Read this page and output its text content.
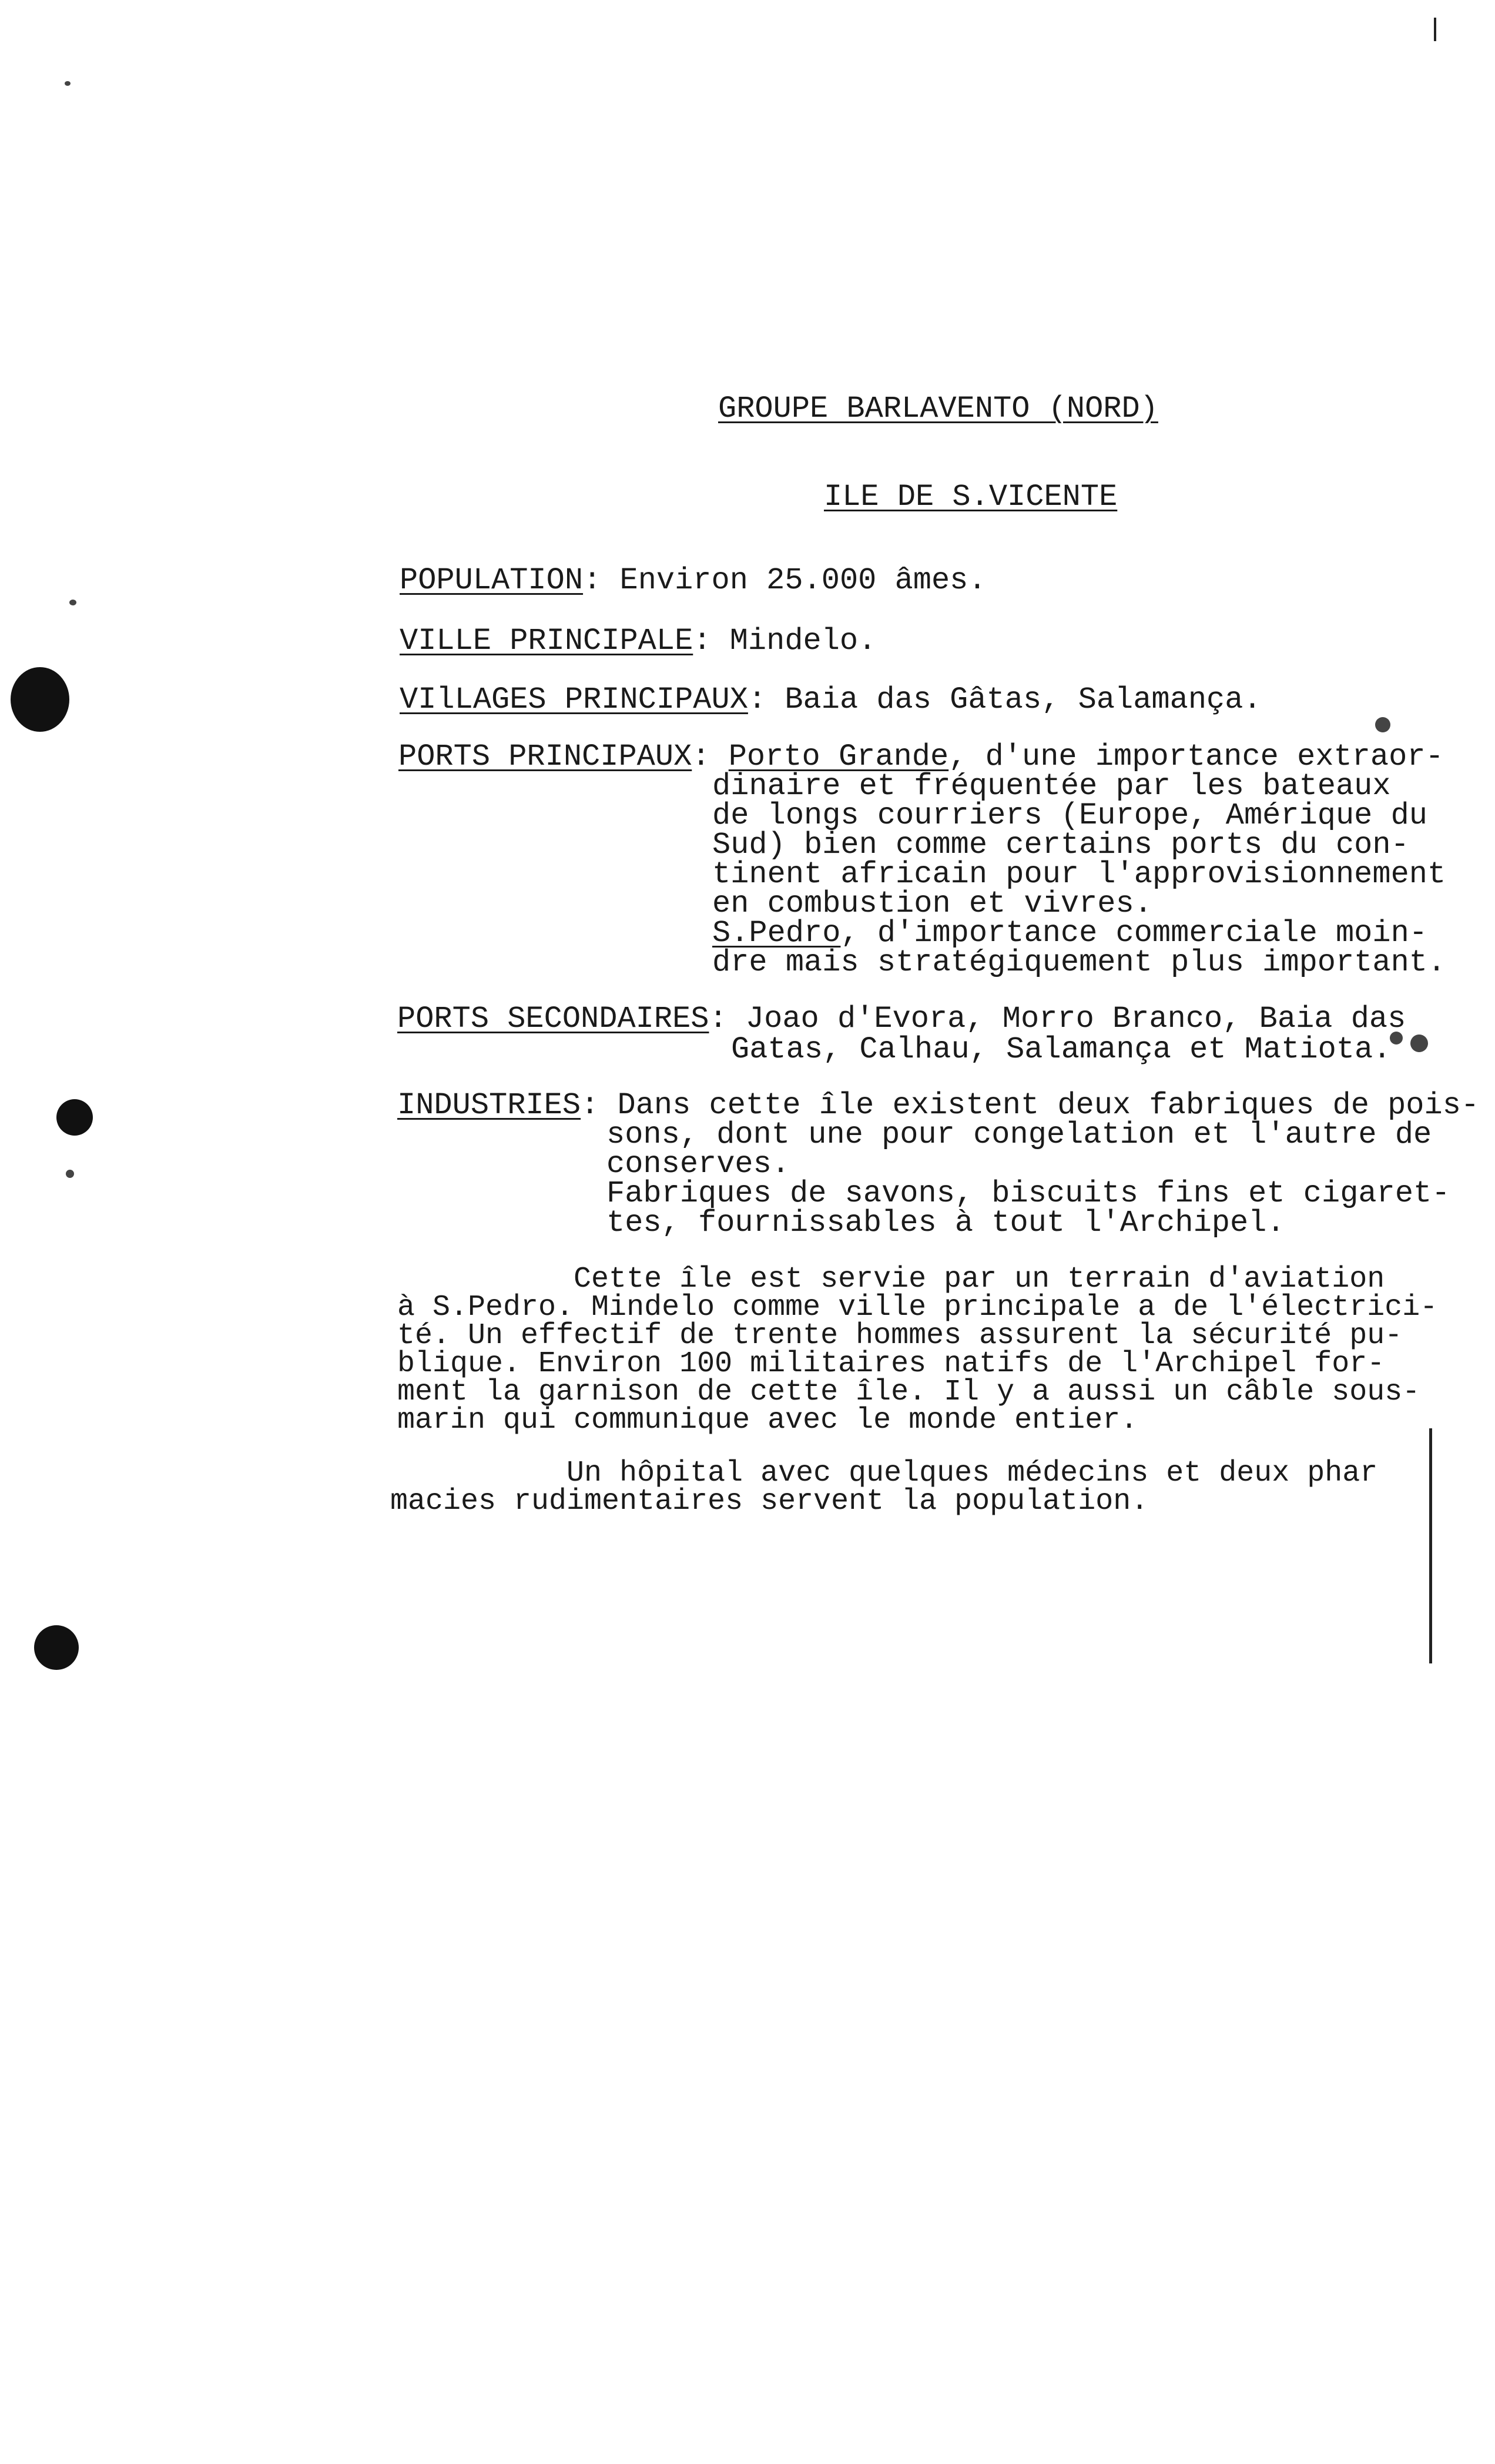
GROUPE BARLAVENTO (NORD)
ILE DE S.VICENTE
POPULATION: Environ 25.000 âmes.
VILLE PRINCIPALE: Mindelo.
VIlLAGES PRINCIPAUX: Baia das Gâtas, Salamança.
PORTS PRINCIPAUX: Porto Grande, d'une importance extraor-
dinaire et fréquentée par les bateaux
de longs courriers (Europe, Amérique du
Sud) bien comme certains ports du con-
tinent africain pour l'approvisionnement
en combustion et vivres.
S.Pedro, d'importance commerciale moin-
dre mais stratégiquement plus important.
PORTS SECONDAIRES: Joao d'Evora, Morro Branco, Baia das
Gatas, Calhau, Salamança et Matiota.
INDUSTRIES: Dans cette île existent deux fabriques de pois-
sons, dont une pour congelation et l'autre de
conserves.
Fabriques de savons, biscuits fins et cigaret-
tes, fournissables à tout l'Archipel.
Cette île est servie par un terrain d'aviation
à S.Pedro. Mindelo comme ville principale a de l'électrici-
té. Un effectif de trente hommes assurent la sécurité pu-
blique. Environ 100 militaires natifs de l'Archipel for-
ment la garnison de cette île. Il y a aussi un câble sous-
marin qui communique avec le monde entier.
Un hôpital avec quelques médecins et deux phar
macies rudimentaires servent la population.
